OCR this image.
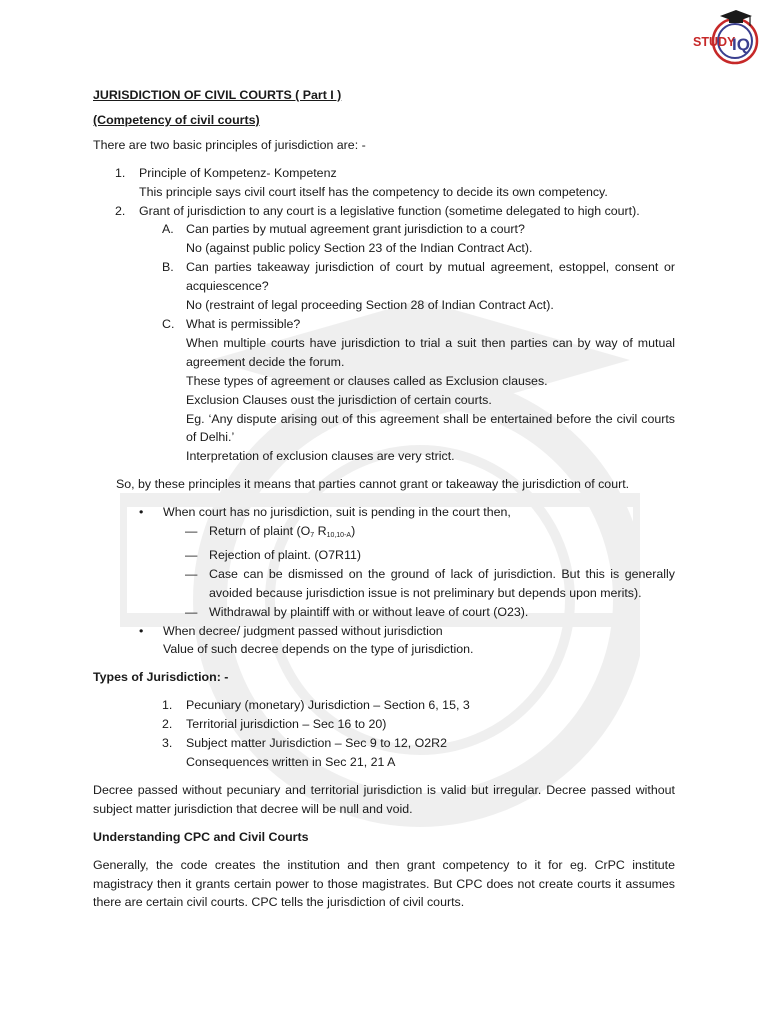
STUDY
IQ

JURISDICTION OF CIVIL COURTS ( Part I )

(Competency of civil courts)

There are two basic principles of jurisdiction are: -

1. Principle of Kompetenz- Kompetenz
This principle says civil court itself has the competency to decide its own competency.
2. Grant of jurisdiction to any court is a legislative function (sometime delegated to high court).
A. Can parties by mutual agreement grant jurisdiction to a court?
No (against public policy Section 23 of the Indian Contract Act).
B. Can parties takeaway jurisdiction of court by mutual agreement, estoppel, consent or acquiescence?
No (restraint of legal proceeding Section 28 of Indian Contract Act).
C. What is permissible?
When multiple courts have jurisdiction to trial a suit then parties can by way of mutual agreement decide the forum.
These types of agreement or clauses called as Exclusion clauses.
Exclusion Clauses oust the jurisdiction of certain courts.
Eg. ‘Any dispute arising out of this agreement shall be entertained before the civil courts of Delhi.’
Interpretation of exclusion clauses are very strict.

So, by these principles it means that parties cannot grant or takeaway the jurisdiction of court.

• When court has no jurisdiction, suit is pending in the court then,
— Return of plaint ($O_7$ $R_{10,10-A}$)
— Rejection of plaint. (O7R11)
— Case can be dismissed on the ground of lack of jurisdiction. But this is generally avoided because jurisdiction issue is not preliminary but depends upon merits).
— Withdrawal by plaintiff with or without leave of court (O23).
• When decree/ judgment passed without jurisdiction
Value of such decree depends on the type of jurisdiction.

Types of Jurisdiction: -

1. Pecuniary (monetary) Jurisdiction – Section 6, 15, 3
2. Territorial jurisdiction – Sec 16 to 20)
3. Subject matter Jurisdiction – Sec 9 to 12, O2R2
Consequences written in Sec 21, 21 A

Decree passed without pecuniary and territorial jurisdiction is valid but irregular. Decree passed without subject matter jurisdiction that decree will be null and void.

Understanding CPC and Civil Courts

Generally, the code creates the institution and then grant competency to it for eg. CrPC institute magistracy then it grants certain power to those magistrates. But CPC does not create courts it assumes there are certain civil courts. CPC tells the jurisdiction of civil courts.
